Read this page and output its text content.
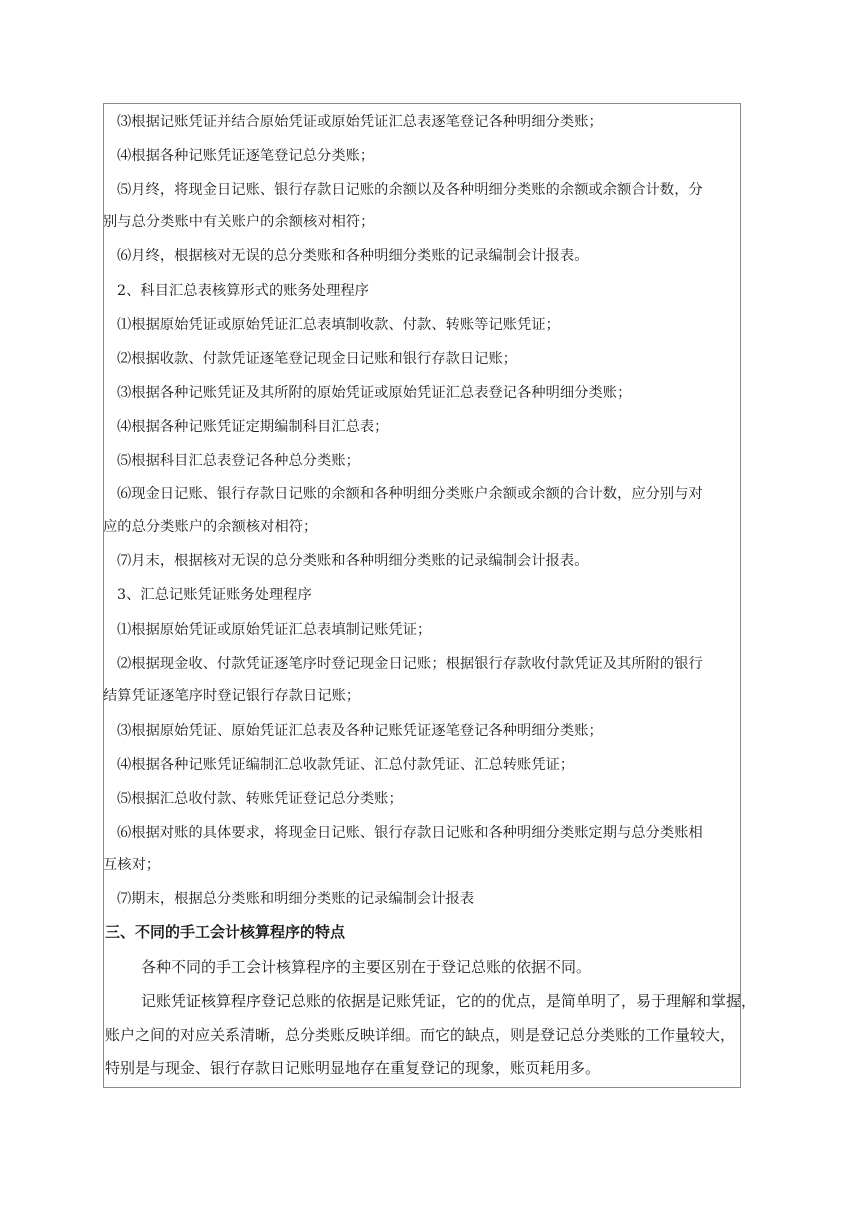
⑶根据记账凭证并结合原始凭证或原始凭证汇总表逐笔登记各种明细分类账；
⑷根据各种记账凭证逐笔登记总分类账；
⑸月终，将现金日记账、银行存款日记账的余额以及各种明细分类账的余额或余额合计数，分
别与总分类账中有关账户的余额核对相符；
⑹月终，根据核对无误的总分类账和各种明细分类账的记录编制会计报表。
2、科目汇总表核算形式的账务处理程序
⑴根据原始凭证或原始凭证汇总表填制收款、付款、转账等记账凭证；
⑵根据收款、付款凭证逐笔登记现金日记账和银行存款日记账；
⑶根据各种记账凭证及其所附的原始凭证或原始凭证汇总表登记各种明细分类账；
⑷根据各种记账凭证定期编制科目汇总表；
⑸根据科目汇总表登记各种总分类账；
⑹现金日记账、银行存款日记账的余额和各种明细分类账户余额或余额的合计数，应分别与对
应的总分类账户的余额核对相符；
⑺月末，根据核对无误的总分类账和各种明细分类账的记录编制会计报表。
3、汇总记账凭证账务处理程序
⑴根据原始凭证或原始凭证汇总表填制记账凭证；
⑵根据现金收、付款凭证逐笔序时登记现金日记账；根据银行存款收付款凭证及其所附的银行
结算凭证逐笔序时登记银行存款日记账；
⑶根据原始凭证、原始凭证汇总表及各种记账凭证逐笔登记各种明细分类账；
⑷根据各种记账凭证编制汇总收款凭证、汇总付款凭证、汇总转账凭证；
⑸根据汇总收付款、转账凭证登记总分类账；
⑹根据对账的具体要求，将现金日记账、银行存款日记账和各种明细分类账定期与总分类账相
互核对；
⑺期末，根据总分类账和明细分类账的记录编制会计报表
三、不同的手工会计核算程序的特点
各种不同的手工会计核算程序的主要区别在于登记总账的依据不同。
记账凭证核算程序登记总账的依据是记账凭证，它的的优点，是简单明了，易于理解和掌握，
账户之间的对应关系清晰，总分类账反映详细。而它的缺点，则是登记总分类账的工作量较大，
特别是与现金、银行存款日记账明显地存在重复登记的现象，账页耗用多。
